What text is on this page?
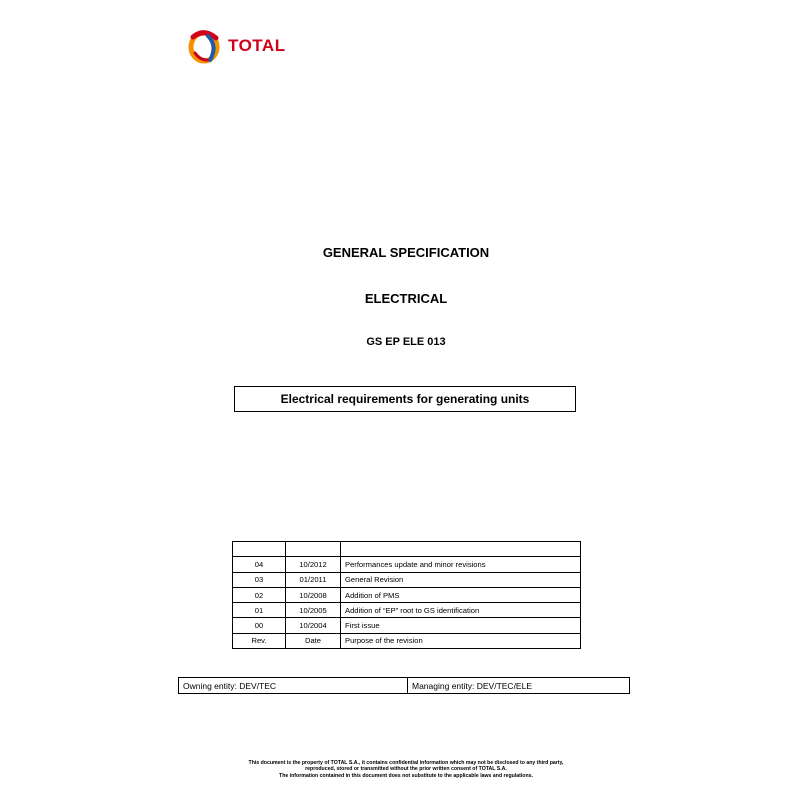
TOTAL
GENERAL SPECIFICATION
ELECTRICAL
GS EP ELE 013
Electrical requirements for generating units

04	10/2012	Performances update and minor revisions
03	01/2011	General Revision
02	10/2008	Addition of PMS
01	10/2005	Addition of “EP” root to GS identification
00	10/2004	First issue
Rev.	Date	Purpose of the revision
Owning entity: DEV/TEC	Managing entity: DEV/TEC/ELE
This document is the property of TOTAL S.A., it contains confidential information which may not be disclosed to any third party,
reproduced, stored or transmitted without the prior written consent of TOTAL S.A.
The information contained in this document does not substitute to the applicable laws and regulations.
